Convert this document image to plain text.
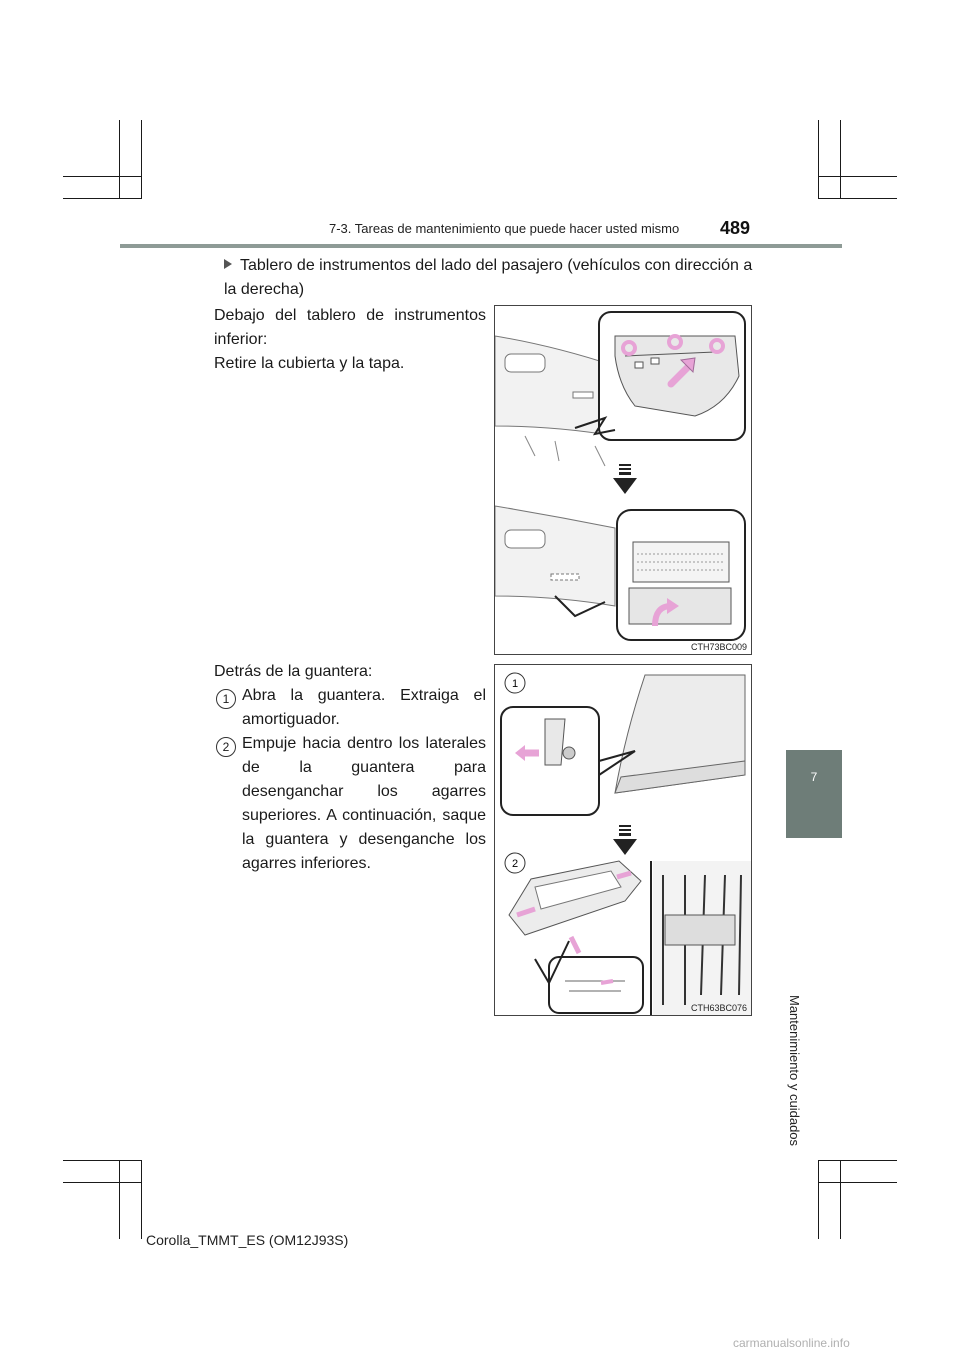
7-3. Tareas de mantenimiento que puede hacer usted mismo 489
7
Mantenimiento y cuidados
Tablero de instrumentos del lado del pasajero (vehículos con dirección a la derecha)
Debajo del tablero de instrumentos inferior:
Retire la cubierta y la tapa.
CTH73BC009
Detrás de la guantera:
1 Abra la guantera. Extraiga el amortiguador.
2 Empuje hacia dentro los laterales de la guantera para desenganchar los agarres superiores. A continuación, saque la guantera y desenganche los agarres inferiores.
1
2
CTH63BC076
Corolla_TMMT_ES (OM12J93S)
carmanualsonline.info
